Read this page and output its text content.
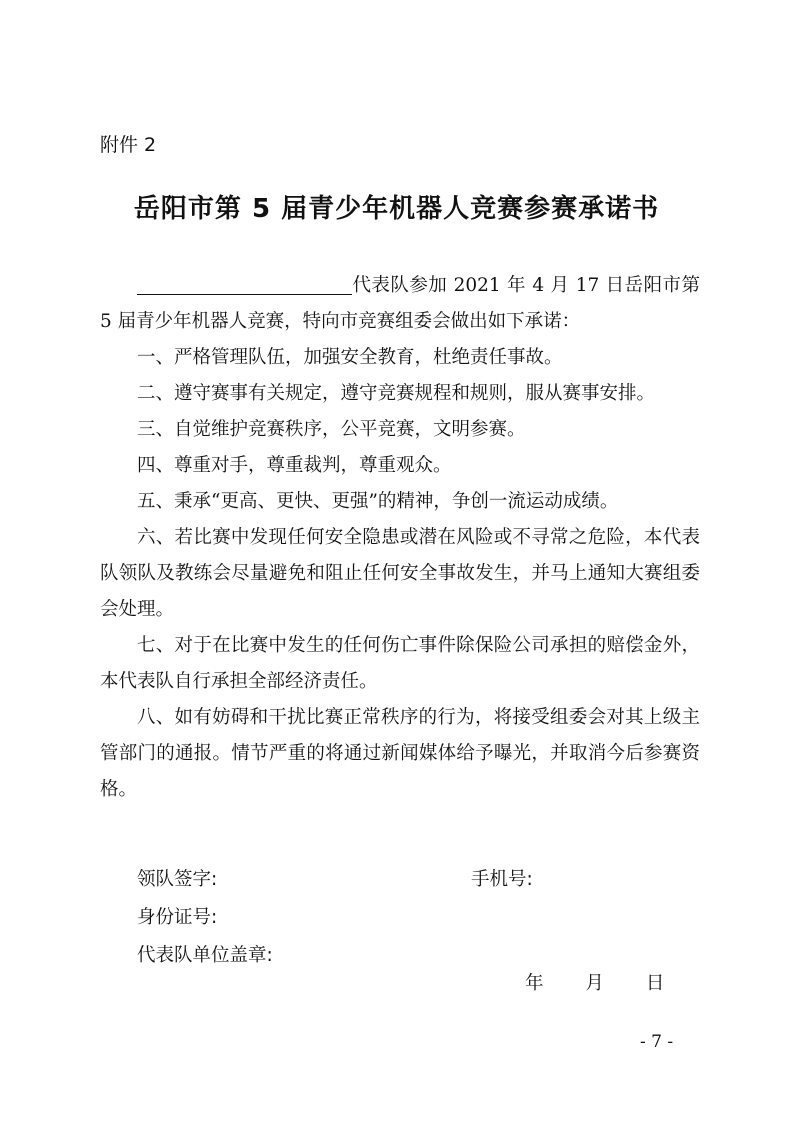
附件 2
岳阳市第 5 届青少年机器人竞赛参赛承诺书

代表队参加 2021 年 4 月 17 日岳阳市第 5 届青少年机器人竞赛，特向市竞赛组委会做出如下承诺：

一、严格管理队伍，加强安全教育，杜绝责任事故。

二、遵守赛事有关规定，遵守竞赛规程和规则，服从赛事安排。

三、自觉维护竞赛秩序，公平竞赛，文明参赛。

四、尊重对手，尊重裁判，尊重观众。

五、秉承“更高、更快、更强”的精神，争创一流运动成绩。

六、若比赛中发现任何安全隐患或潜在风险或不寻常之危险，本代表队领队及教练会尽量避免和阻止任何安全事故发生，并马上通知大赛组委会处理。

七、对于在比赛中发生的任何伤亡事件除保险公司承担的赔偿金外，本代表队自行承担全部经济责任。

八、如有妨碍和干扰比赛正常秩序的行为，将接受组委会对其上级主管部门的通报。情节严重的将通过新闻媒体给予曝光，并取消今后参赛资格。

领队签字:	手机号:
身份证号:
代表队单位盖章:
年 月 日
- 7 -
